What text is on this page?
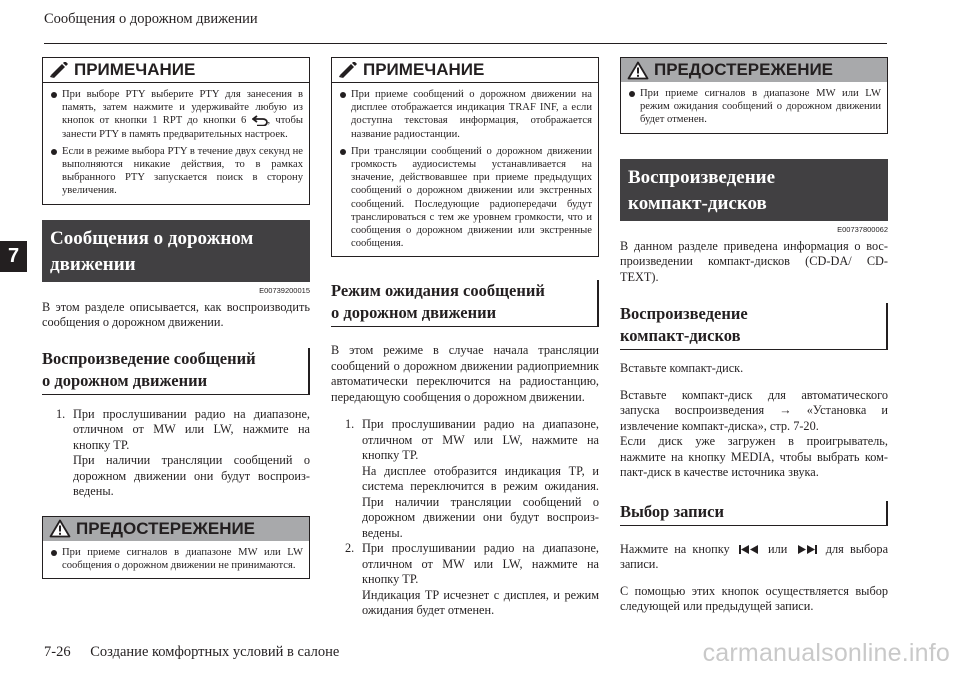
Сообщения о дорожном движении
7
ПРИМЕЧАНИЕ
При выборе PTY выберите PTY для занесения в память, затем нажмите и удерживайте любую из кнопок от кнопки 1 RPT до кнопки 6 , чтобы занести PTY в память предварительных настроек.
Если в режиме выбора PTY в течение двух секунд не выполняются никакие действия, то в рамках выбранного PTY запускается поиск в сторону увеличения.
Сообщения о дорожном
движении
E00739200015

В этом разделе описывается, как воспроизводить сообщения о дорожном движении.

Воспроизведение сообщений
о дорожном движении
1. При прослушивании радио на диапазоне, отличном от MW или LW, нажмите на кнопку TP.
При наличии трансляции сообщений о дорожном движении они будут воспроизведены.
ПРЕДОСТЕРЕЖЕНИЕ
При приеме сигналов в диапазоне MW или LW сообщения о дорожном движении не принимаются.
ПРИМЕЧАНИЕ
При приеме сообщений о дорожном движении на дисплее отображается индикация TRAF INF, а если доступна текстовая информация, отображается название радиостанции.
При трансляции сообщений о дорожном движении громкость аудиосистемы устанавливается на значение, действовавшее при приеме предыдущих сообщений о дорожном движении или экстренных сообщений. Последующие радиопередачи будут транслироваться с тем же уровнем громкости, что и сообщения о дорожном движении или экстренные сообщения.
Режим ожидания сообщений
о дорожном движении

В этом режиме в случае начала трансляции сообщений о дорожном движении радиоприемник автоматически переключится на радиостанцию, передающую сообщения о дорожном движении.

1. При прослушивании радио на диапазоне, отличном от MW или LW, нажмите на кнопку TP.
На дисплее отобразится индикация TP, и система переключится в режим ожидания. При наличии трансляции сообщений о дорожном движении они будут воспроизведены.
2. При прослушивании радио на диапазоне, отличном от MW или LW, нажмите на кнопку TP.
Индикация TP исчезнет с дисплея, и режим ожидания будет отменен.
ПРЕДОСТЕРЕЖЕНИЕ
При приеме сигналов в диапазоне MW или LW режим ожидания сообщений о дорожном движении будет отменен.
Воспроизведение
компакт-дисков
E00737800062

В данном разделе приведена информация о воспроизведении компакт-дисков (CD-DA/ CD-TEXT).

Воспроизведение
компакт-дисков

Вставьте компакт-диск.

Вставьте компакт-диск для автоматического запуска воспроизведения → «Установка и извлечение компакт-диска», стр. 7-20.

Если диск уже загружен в проигрыватель, нажмите на кнопку MEDIA, чтобы выбрать компакт-диск в качестве источника звука.

Выбор записи

Нажмите на кнопку	или	для выбора записи.

С помощью этих кнопок осуществляется выбор следующей или предыдущей записи.

7-26 Создание комфортных условий в салоне	carmanualsonline.info
